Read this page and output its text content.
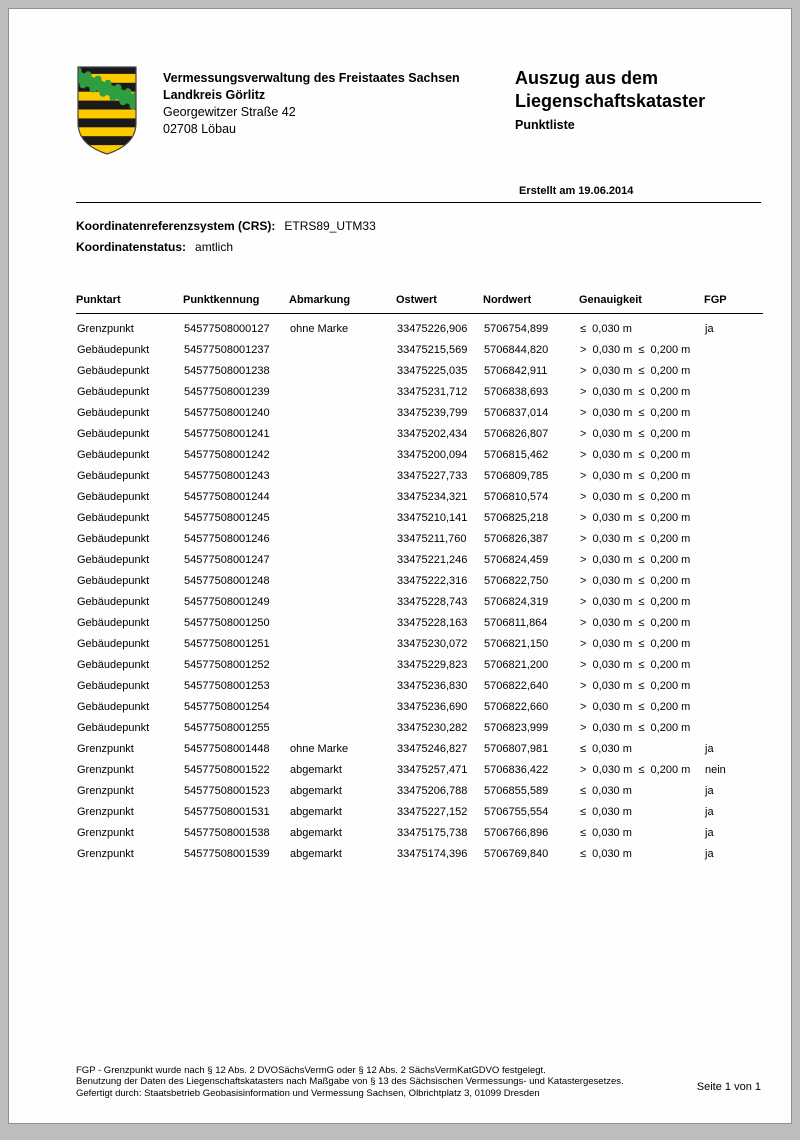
Vermessungsverwaltung des Freistaates Sachsen
Landkreis Görlitz
Georgewitzer Straße 42
02708 Löbau
Auszug aus dem
Liegenschaftskataster
Punktliste
Erstellt am 19.06.2014
Koordinatenreferenzsystem (CRS): ETRS89_UTM33
Koordinatenstatus: amtlich
Punktart	Punktkennung	Abmarkung	Ostwert	Nordwert	Genauigkeit	FGP
Grenzpunkt	54577508000127	ohne Marke	33475226,906	5706754,899	≤  0,030 m	ja
Gebäudepunkt	54577508001237		33475215,569	5706844,820	>  0,030 m  ≤  0,200 m	
Gebäudepunkt	54577508001238		33475225,035	5706842,911	>  0,030 m  ≤  0,200 m	
Gebäudepunkt	54577508001239		33475231,712	5706838,693	>  0,030 m  ≤  0,200 m	
Gebäudepunkt	54577508001240		33475239,799	5706837,014	>  0,030 m  ≤  0,200 m	
Gebäudepunkt	54577508001241		33475202,434	5706826,807	>  0,030 m  ≤  0,200 m	
Gebäudepunkt	54577508001242		33475200,094	5706815,462	>  0,030 m  ≤  0,200 m	
Gebäudepunkt	54577508001243		33475227,733	5706809,785	>  0,030 m  ≤  0,200 m	
Gebäudepunkt	54577508001244		33475234,321	5706810,574	>  0,030 m  ≤  0,200 m	
Gebäudepunkt	54577508001245		33475210,141	5706825,218	>  0,030 m  ≤  0,200 m	
Gebäudepunkt	54577508001246		33475211,760	5706826,387	>  0,030 m  ≤  0,200 m	
Gebäudepunkt	54577508001247		33475221,246	5706824,459	>  0,030 m  ≤  0,200 m	
Gebäudepunkt	54577508001248		33475222,316	5706822,750	>  0,030 m  ≤  0,200 m	
Gebäudepunkt	54577508001249		33475228,743	5706824,319	>  0,030 m  ≤  0,200 m	
Gebäudepunkt	54577508001250		33475228,163	5706811,864	>  0,030 m  ≤  0,200 m	
Gebäudepunkt	54577508001251		33475230,072	5706821,150	>  0,030 m  ≤  0,200 m	
Gebäudepunkt	54577508001252		33475229,823	5706821,200	>  0,030 m  ≤  0,200 m	
Gebäudepunkt	54577508001253		33475236,830	5706822,640	>  0,030 m  ≤  0,200 m	
Gebäudepunkt	54577508001254		33475236,690	5706822,660	>  0,030 m  ≤  0,200 m	
Gebäudepunkt	54577508001255		33475230,282	5706823,999	>  0,030 m  ≤  0,200 m	
Grenzpunkt	54577508001448	ohne Marke	33475246,827	5706807,981	≤  0,030 m	ja
Grenzpunkt	54577508001522	abgemarkt	33475257,471	5706836,422	>  0,030 m  ≤  0,200 m	nein
Grenzpunkt	54577508001523	abgemarkt	33475206,788	5706855,589	≤  0,030 m	ja
Grenzpunkt	54577508001531	abgemarkt	33475227,152	5706755,554	≤  0,030 m	ja
Grenzpunkt	54577508001538	abgemarkt	33475175,738	5706766,896	≤  0,030 m	ja
Grenzpunkt	54577508001539	abgemarkt	33475174,396	5706769,840	≤  0,030 m	ja
FGP - Grenzpunkt wurde nach § 12 Abs. 2 DVOSächsVermG oder § 12 Abs. 2 SächsVermKatGDVO festgelegt.
Benutzung der Daten des Liegenschaftskatasters nach Maßgabe von § 13 des Sächsischen Vermessungs- und Katastergesetzes.
Gefertigt durch: Staatsbetrieb Geobasisinformation und Vermessung Sachsen, Olbrichtplatz 3, 01099 Dresden	Seite 1 von 1
